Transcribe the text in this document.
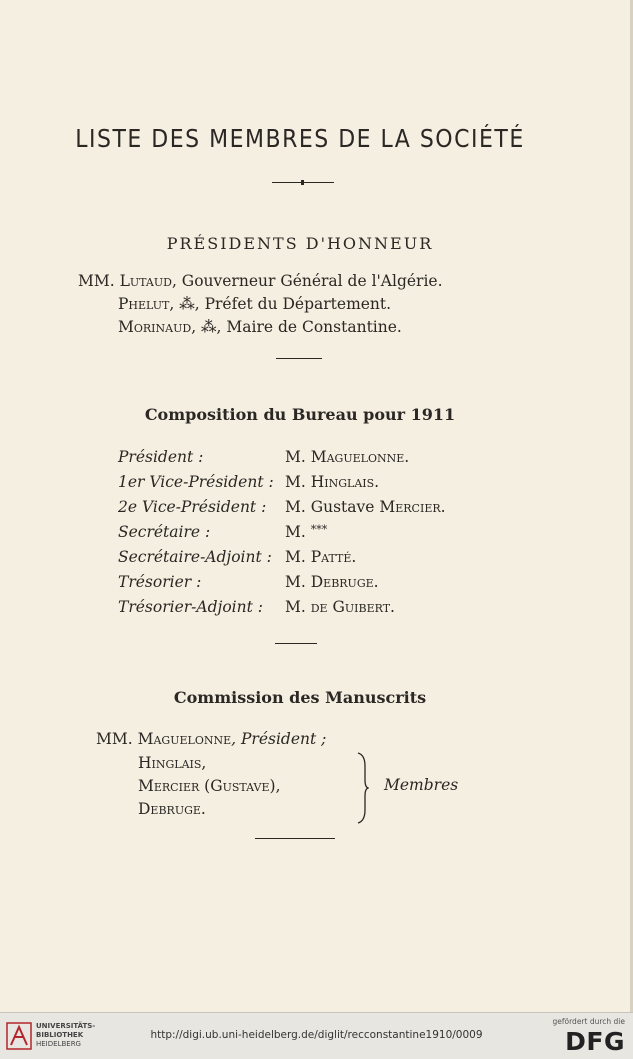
LISTE DES MEMBRES DE LA SOCIÉTÉ
PRÉSIDENTS D'HONNEUR
MM. Lutaud, Gouverneur Général de l'Algérie.
Phelut, ⁂, Préfet du Département.
Morinaud, ⁂, Maire de Constantine.
Composition du Bureau pour 1911
Président :	M. Maguelonne.
1er Vice-Président : M. Hinglais.
2e Vice-Président : M. Gustave Mercier.
Secrétaire :	M. ***
Secrétaire-Adjoint : M. Patté.
Trésorier :	M. Debruge.
Trésorier-Adjoint : M. de Guibert.
Commission des Manuscrits
MM. Maguelonne, Président ;
Hinglais,
Mercier (Gustave),
Debruge.
Membres
UNIVERSITÄTS-
BIBLIOTHEK
HEIDELBERG
http://digi.ub.uni-heidelberg.de/diglit/recconstantine1910/0009
gefördert durch die
DFG
